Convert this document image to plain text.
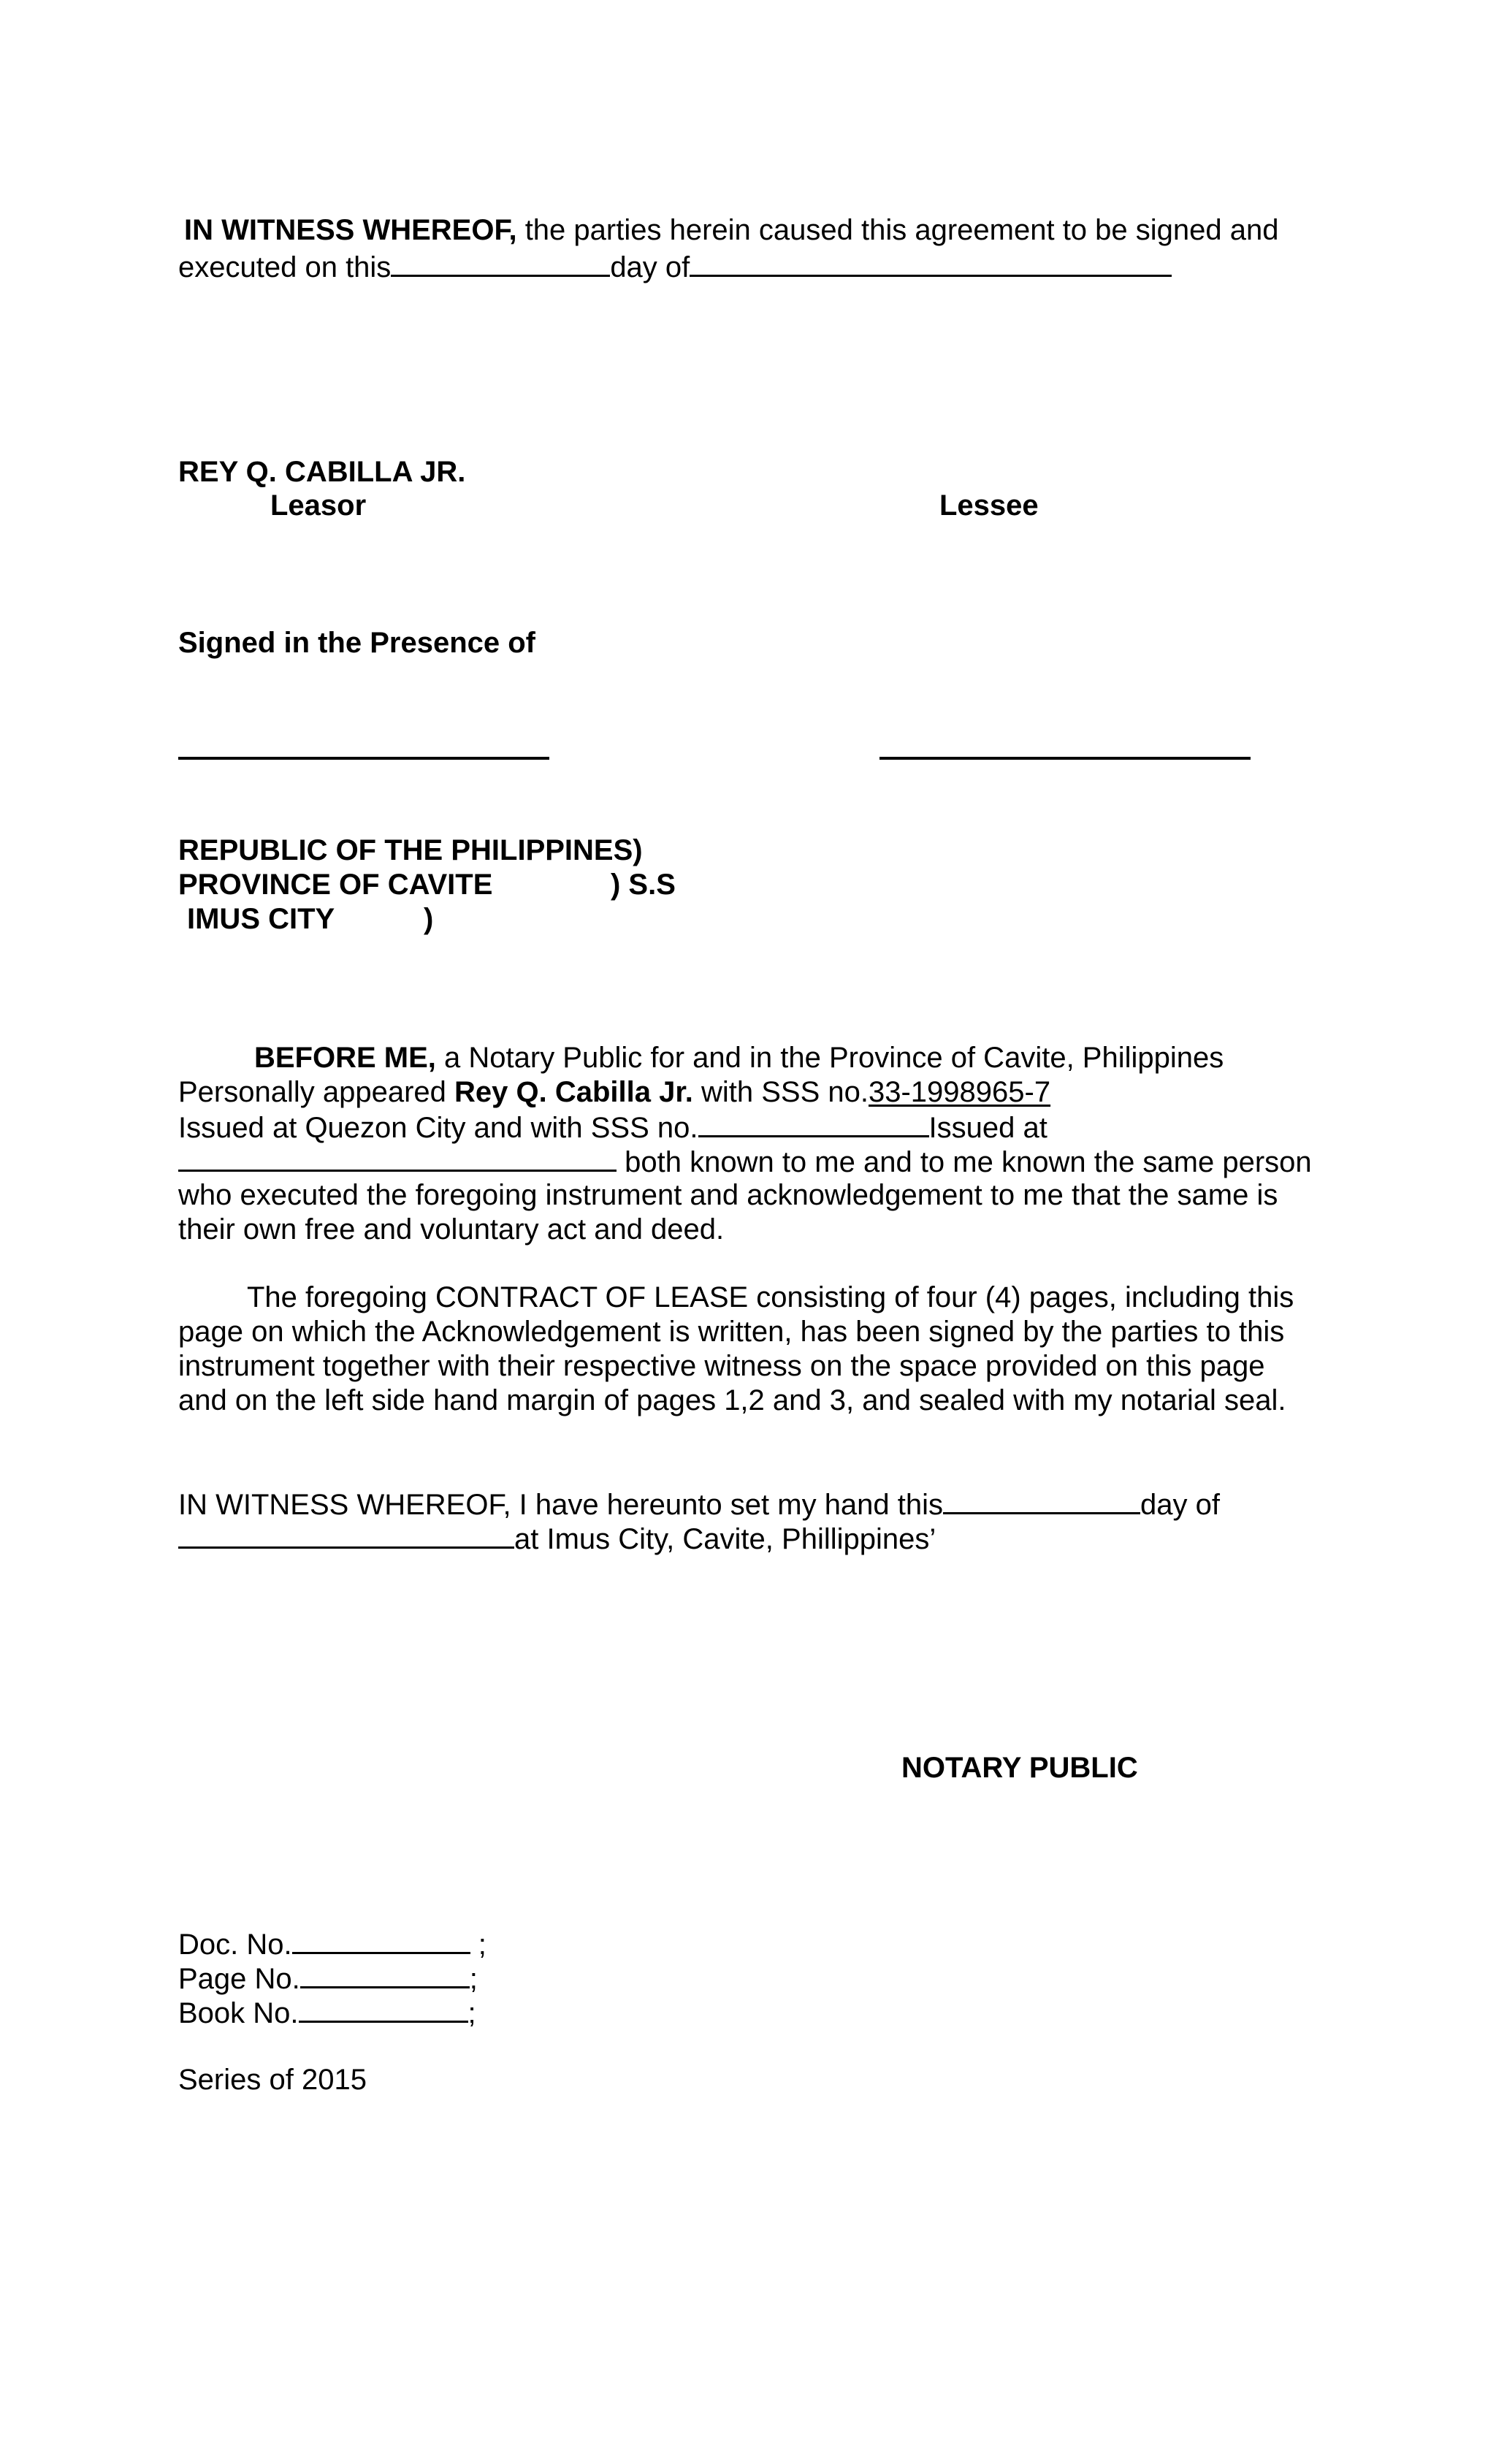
IN WITNESS WHEREOF, the parties herein caused this agreement to be signed and
executed on this	day of
REY Q. CABILLA JR.
Leasor	Lessee
Signed in the Presence of
REPUBLIC OF THE PHILIPPINES)
PROVINCE OF CAVITE	) S.S
IMUS CITY	)
BEFORE ME, a Notary Public for and in the Province of Cavite, Philippines
Personally appeared Rey Q. Cabilla Jr. with SSS no.33-1998965-7
Issued at Quezon City and with SSS no.	Issued at
both known to me and to me known the same person
who executed the foregoing instrument and acknowledgement to me that the same is
their own free and voluntary act and deed.
The foregoing CONTRACT OF LEASE consisting of four (4) pages, including this
page on which the Acknowledgement is written, has been signed by the parties to this
instrument together with their respective witness on the space provided on this page
and on the left side hand margin of pages 1,2 and 3, and sealed with my notarial seal.
IN WITNESS WHEREOF, I have hereunto set my hand this	day of
at Imus City, Cavite, Phillippines’
NOTARY PUBLIC
Doc. No.	;
Page No.	;
Book No.	;
Series of 2015
